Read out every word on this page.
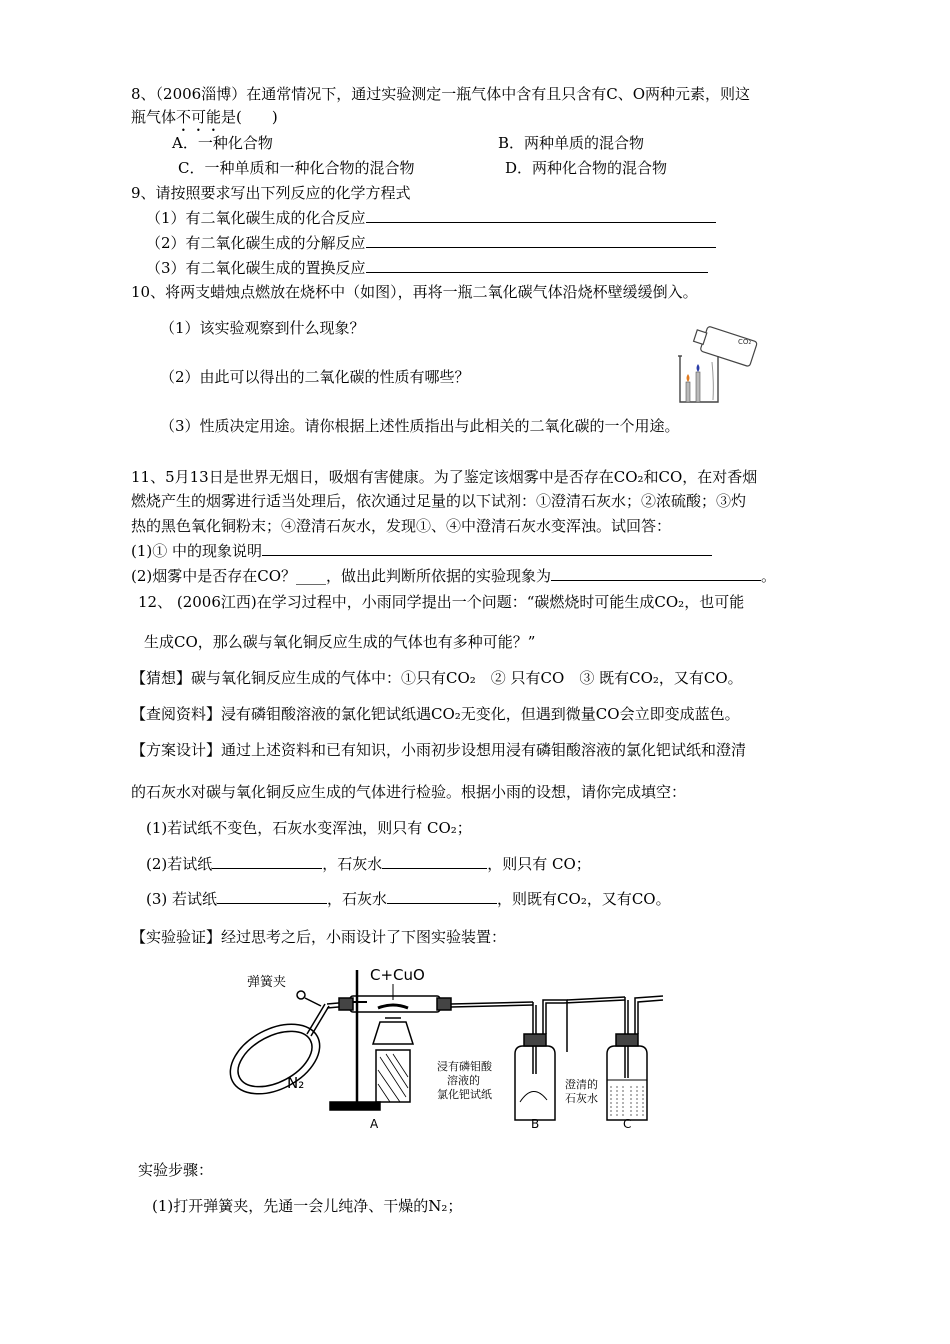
8、（2006淄博）在通常情况下，通过实验测定一瓶气体中含有且只含有C、O两种元素，则这
瓶气体不可能是(　　)
A．一种化合物	B．两种单质的混合物
C．一种单质和一种化合物的混合物	D．两种化合物的混合物
9、请按照要求写出下列反应的化学方程式
（1）有二氧化碳生成的化合反应
（2）有二氧化碳生成的分解反应
（3）有二氧化碳生成的置换反应
10、将两支蜡烛点燃放在烧杯中（如图），再将一瓶二氧化碳气体沿烧杯壁缓缓倒入。
（1）该实验观察到什么现象？
（2）由此可以得出的二氧化碳的性质有哪些？
（3）性质决定用途。请你根据上述性质指出与此相关的二氧化碳的一个用途。
CO₂
11、5月13日是世界无烟日，吸烟有害健康。为了鉴定该烟雾中是否存在CO₂和CO，在对香烟
燃烧产生的烟雾进行适当处理后，依次通过足量的以下试剂：①澄清石灰水；②浓硫酸；③灼
热的黑色氧化铜粉末；④澄清石灰水，发现①、④中澄清石灰水变浑浊。试回答：
(1)① 中的现象说明
(2)烟雾中是否存在CO？____，做出此判断所依据的实验现象为	。
12、 (2006江西)在学习过程中，小雨同学提出一个问题：“碳燃烧时可能生成CO₂，也可能
生成CO，那么碳与氧化铜反应生成的气体也有多种可能？”
【猜想】碳与氧化铜反应生成的气体中：①只有CO₂　② 只有CO　③ 既有CO₂，又有CO。
【查阅资料】浸有磷钼酸溶液的氯化钯试纸遇CO₂无变化，但遇到微量CO会立即变成蓝色。
【方案设计】通过上述资料和已有知识，小雨初步设想用浸有磷钼酸溶液的氯化钯试纸和澄清
的石灰水对碳与氧化铜反应生成的气体进行检验。根据小雨的设想，请你完成填空：
(1)若试纸不变色，石灰水变浑浊，则只有 CO₂；
(2)若试纸	，石灰水	，则只有 CO；
(3) 若试纸	，石灰水	，则既有CO₂，又有CO。
【实验验证】经过思考之后，小雨设计了下图实验装置：
弹簧夹	C+CuO
N₂
A	B	C
浸有磷钼酸
溶液的
氯化钯试纸
澄清的
石灰水
实验步骤：
(1)打开弹簧夹，先通一会儿纯净、干燥的N₂；
